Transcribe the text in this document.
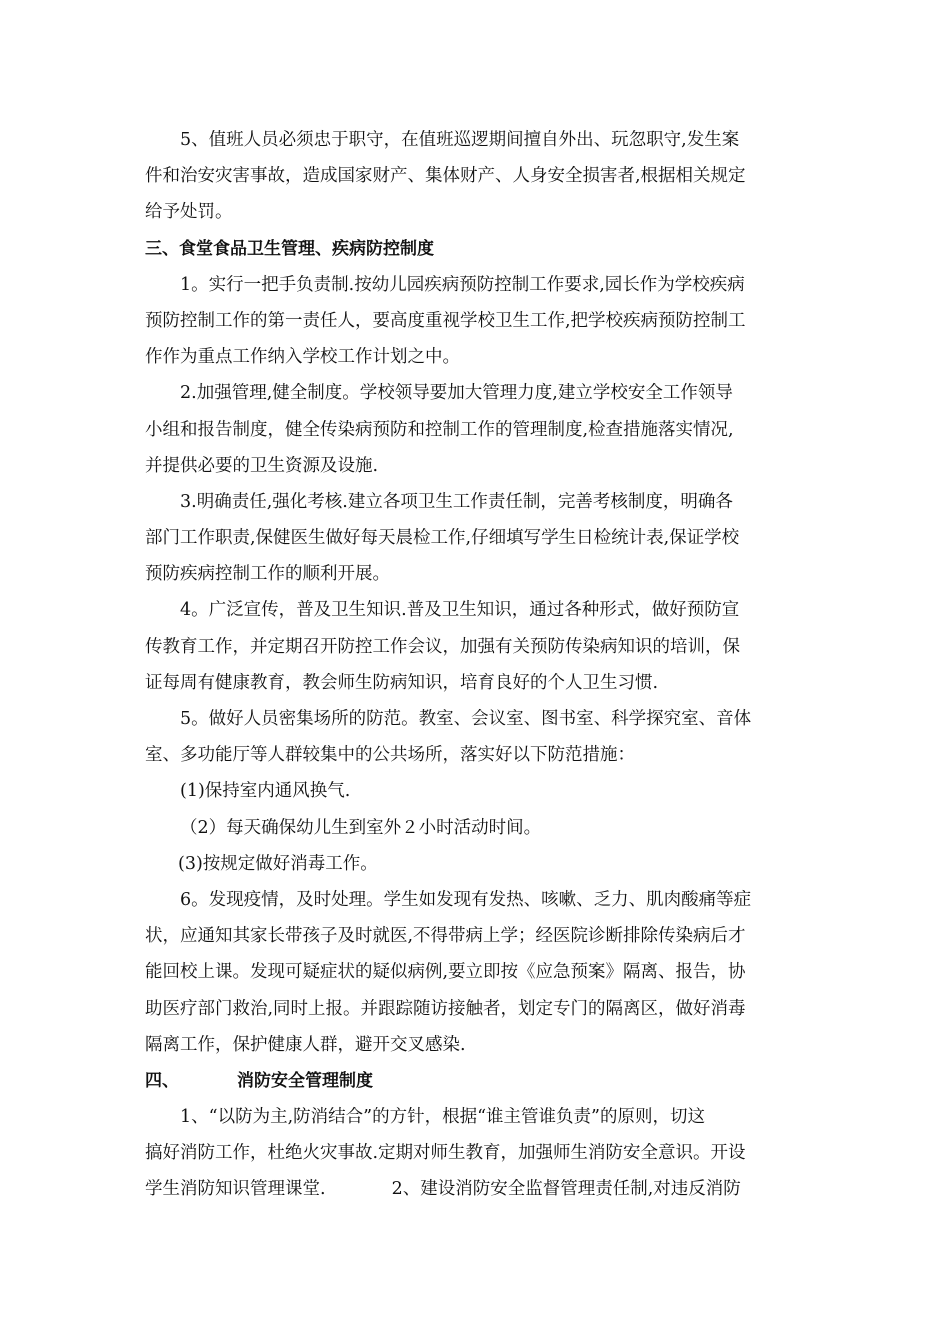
5、值班人员必须忠于职守，在值班巡逻期间擅自外出、玩忽职守,发生案
件和治安灾害事故，造成国家财产、集体财产、人身安全损害者,根据相关规定
给予处罚。
三、食堂食品卫生管理、疾病防控制度
1。实行一把手负责制.按幼儿园疾病预防控制工作要求,园长作为学校疾病
预防控制工作的第一责任人，要高度重视学校卫生工作,把学校疾病预防控制工
作作为重点工作纳入学校工作计划之中。
2.加强管理,健全制度。学校领导要加大管理力度,建立学校安全工作领导
小组和报告制度，健全传染病预防和控制工作的管理制度,检查措施落实情况,
并提供必要的卫生资源及设施.
3.明确责任,强化考核.建立各项卫生工作责任制，完善考核制度，明确各
部门工作职责,保健医生做好每天晨检工作,仔细填写学生日检统计表,保证学校
预防疾病控制工作的顺利开展。
4。广泛宣传，普及卫生知识.普及卫生知识，通过各种形式，做好预防宣
传教育工作，并定期召开防控工作会议，加强有关预防传染病知识的培训，保
证每周有健康教育，教会师生防病知识，培育良好的个人卫生习惯.
5。做好人员密集场所的防范。教室、会议室、图书室、科学探究室、音体
室、多功能厅等人群较集中的公共场所，落实好以下防范措施：
(1)保持室内通风换气.
（2）每天确保幼儿生到室外２小时活动时间。
(3)按规定做好消毒工作。
6。发现疫情，及时处理。学生如发现有发热、咳嗽、乏力、肌肉酸痛等症
状，应通知其家长带孩子及时就医,不得带病上学；经医院诊断排除传染病后才
能回校上课。发现可疑症状的疑似病例,要立即按《应急预案》隔离、报告，协
助医疗部门救治,同时上报。并跟踪随访接触者，划定专门的隔离区，做好消毒
隔离工作，保护健康人群，避开交叉感染.
四、	消防安全管理制度
1、“以防为主,防消结合”的方针，根据“谁主管谁负责”的原则，切这
搞好消防工作，杜绝火灾事故.定期对师生教育，加强师生消防安全意识。开设
学生消防知识管理课堂.	2、建设消防安全监督管理责任制,对违反消防
